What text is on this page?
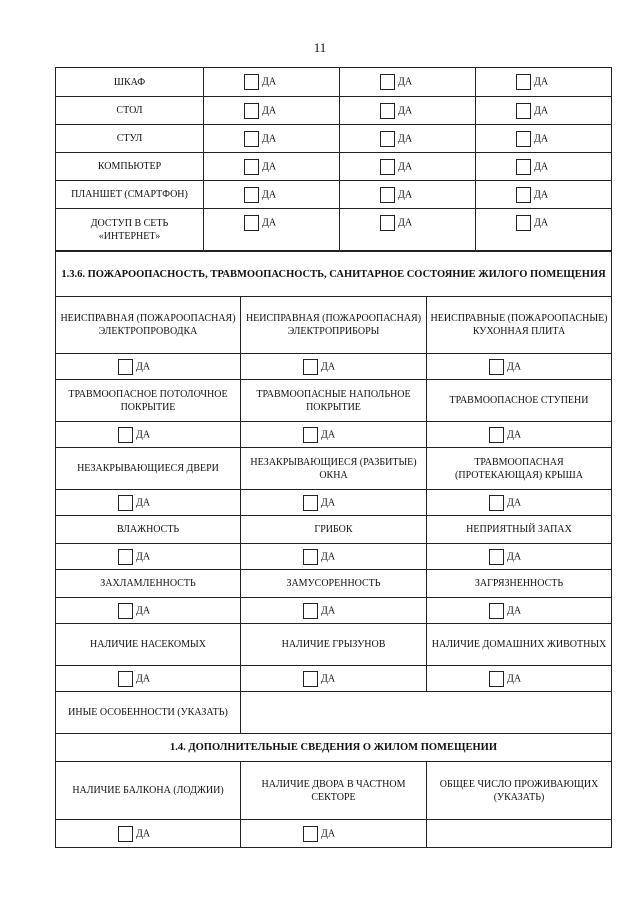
11
ШКАФ	ДА	ДА	ДА
СТОЛ	ДА	ДА	ДА
СТУЛ	ДА	ДА	ДА
КОМПЬЮТЕР	ДА	ДА	ДА
ПЛАНШЕТ (СМАРТФОН)	ДА	ДА	ДА
ДОСТУП В СЕТЬ «ИНТЕРНЕТ»	ДА	ДА	ДА
1.3.6. ПОЖАРООПАСНОСТЬ, ТРАВМООПАСНОСТЬ, САНИТАРНОЕ СОСТОЯНИЕ ЖИЛОГО ПОМЕЩЕНИЯ		
НЕИСПРАВНАЯ (ПОЖАРООПАСНАЯ) ЭЛЕКТРОПРОВОДКА	НЕИСПРАВНАЯ (ПОЖАРООПАСНАЯ) ЭЛЕКТРОПРИБОРЫ	НЕИСПРАВНЫЕ (ПОЖАРООПАСНЫЕ) КУХОННАЯ ПЛИТА
ДА	ДА	ДА
ТРАВМООПАСНОЕ ПОТОЛОЧНОЕ ПОКРЫТИЕ	ТРАВМООПАСНЫЕ НАПОЛЬНОЕ ПОКРЫТИЕ	ТРАВМООПАСНОЕ СТУПЕНИ
ДА	ДА	ДА
НЕЗАКРЫВАЮЩИЕСЯ ДВЕРИ	НЕЗАКРЫВАЮЩИЕСЯ (РАЗБИТЫЕ) ОКНА	ТРАВМООПАСНАЯ (ПРОТЕКАЮЩАЯ) КРЫША
ДА	ДА	ДА
ВЛАЖНОСТЬ	ГРИБОК	НЕПРИЯТНЫЙ ЗАПАХ
ДА	ДА	ДА
ЗАХЛАМЛЕННОСТЬ	ЗАМУСОРЕННОСТЬ	ЗАГРЯЗНЕННОСТЬ
ДА	ДА	ДА
НАЛИЧИЕ НАСЕКОМЫХ	НАЛИЧИЕ ГРЫЗУНОВ	НАЛИЧИЕ ДОМАШНИХ ЖИВОТНЫХ
ДА	ДА	ДА
ИНЫЕ ОСОБЕННОСТИ (УКАЗАТЬ)		
1.4. ДОПОЛНИТЕЛЬНЫЕ СВЕДЕНИЯ О ЖИЛОМ ПОМЕЩЕНИИ		
НАЛИЧИЕ БАЛКОНА (ЛОДЖИИ)	НАЛИЧИЕ ДВОРА В ЧАСТНОМ СЕКТОРЕ	ОБЩЕЕ ЧИСЛО ПРОЖИВАЮЩИХ (УКАЗАТЬ)
ДА	ДА	
